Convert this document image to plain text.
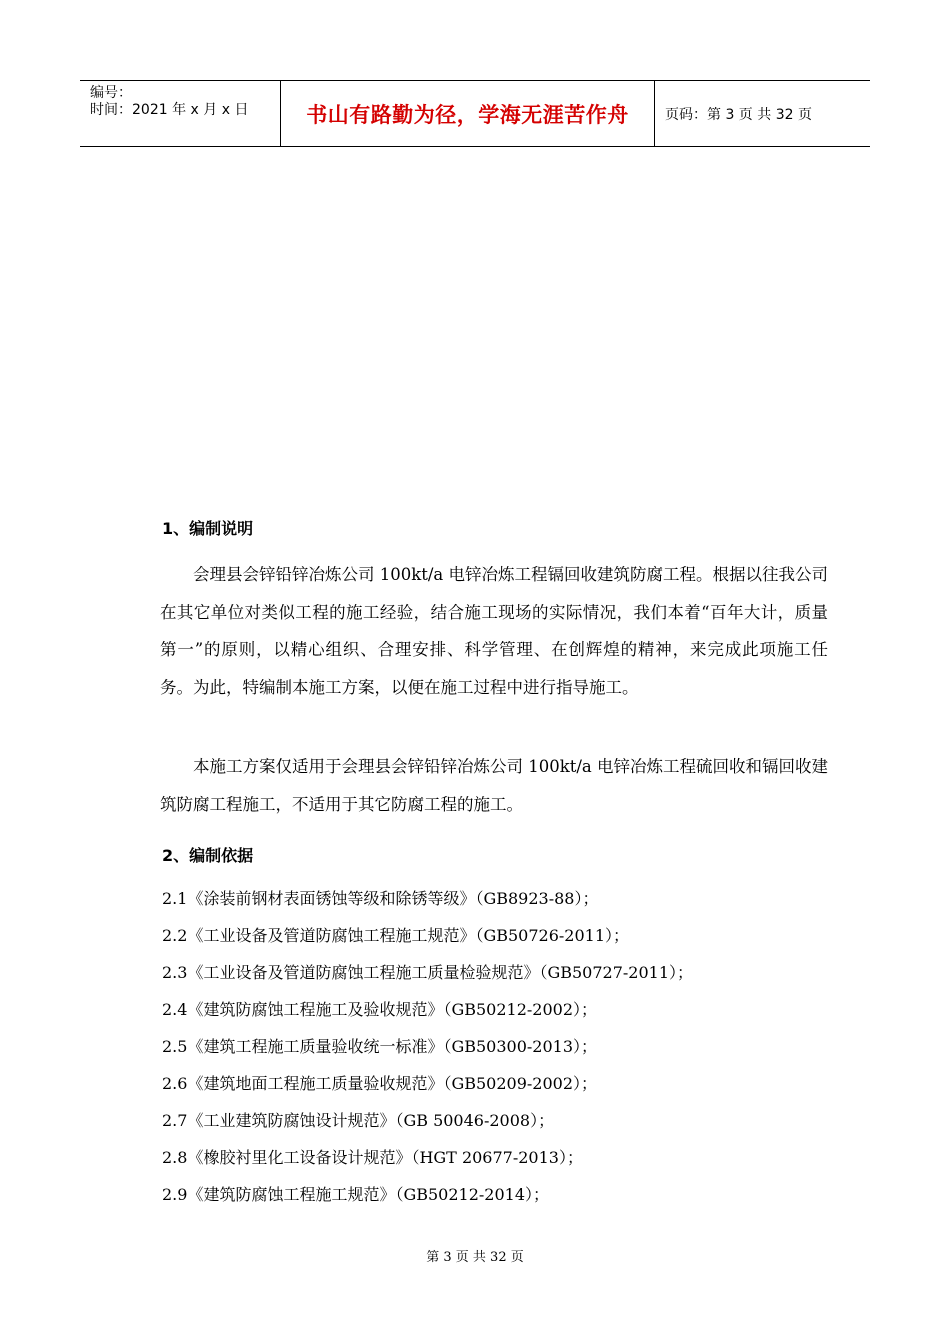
编号：
时间：2021 年 x 月 x 日	书山有路勤为径，学海无涯苦作舟	页码：第 3 页 共 32 页
1、编制说明

会理县会锌铅锌冶炼公司 100kt/a 电锌冶炼工程镉回收建筑防腐工程。根据以往我公司在其它单位对类似工程的施工经验，结合施工现场的实际情况，我们本着“百年大计，质量第一”的原则，以精心组织、合理安排、科学管理、在创辉煌的精神，来完成此项施工任务。为此，特编制本施工方案，以便在施工过程中进行指导施工。

本施工方案仅适用于会理县会锌铅锌冶炼公司 100kt/a 电锌冶炼工程硫回收和镉回收建筑防腐工程施工，不适用于其它防腐工程的施工。

2、编制依据
2.1《涂装前钢材表面锈蚀等级和除锈等级》（GB8923-88）；
2.2《工业设备及管道防腐蚀工程施工规范》（GB50726-2011）；
2.3《工业设备及管道防腐蚀工程施工质量检验规范》（GB50727-2011）；
2.4《建筑防腐蚀工程施工及验收规范》（GB50212-2002）；
2.5《建筑工程施工质量验收统一标准》（GB50300-2013）；
2.6《建筑地面工程施工质量验收规范》（GB50209-2002）；
2.7《工业建筑防腐蚀设计规范》（GB 50046-2008）；
2.8《橡胶衬里化工设备设计规范》（HGT 20677-2013）；
2.9《建筑防腐蚀工程施工规范》（GB50212-2014）；
第 3 页 共 32 页
